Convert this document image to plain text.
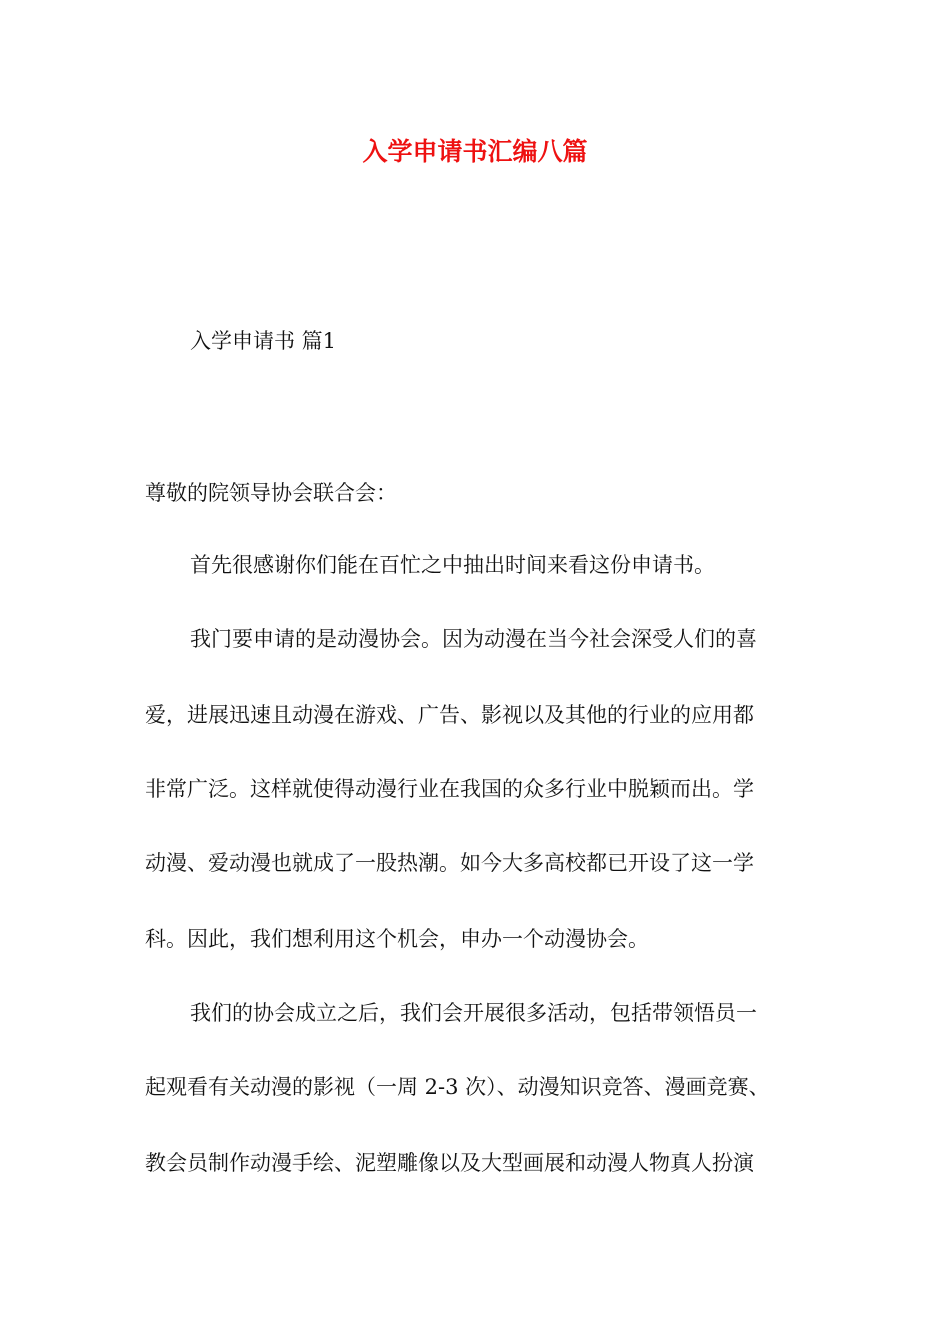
入学申请书汇编八篇
入学申请书 篇1
尊敬的院领导协会联合会：
首先很感谢你们能在百忙之中抽出时间来看这份申请书。
我门要申请的是动漫协会。因为动漫在当今社会深受人们的喜
爱，进展迅速且动漫在游戏、广告、影视以及其他的行业的应用都
非常广泛。这样就使得动漫行业在我国的众多行业中脱颖而出。学
动漫、爱动漫也就成了一股热潮。如今大多高校都已开设了这一学
科。因此，我们想利用这个机会，申办一个动漫协会。
我们的协会成立之后，我们会开展很多活动，包括带领悟员一
起观看有关动漫的影视（一周 2-3 次）、动漫知识竞答、漫画竞赛、
教会员制作动漫手绘、泥塑雕像以及大型画展和动漫人物真人扮演
